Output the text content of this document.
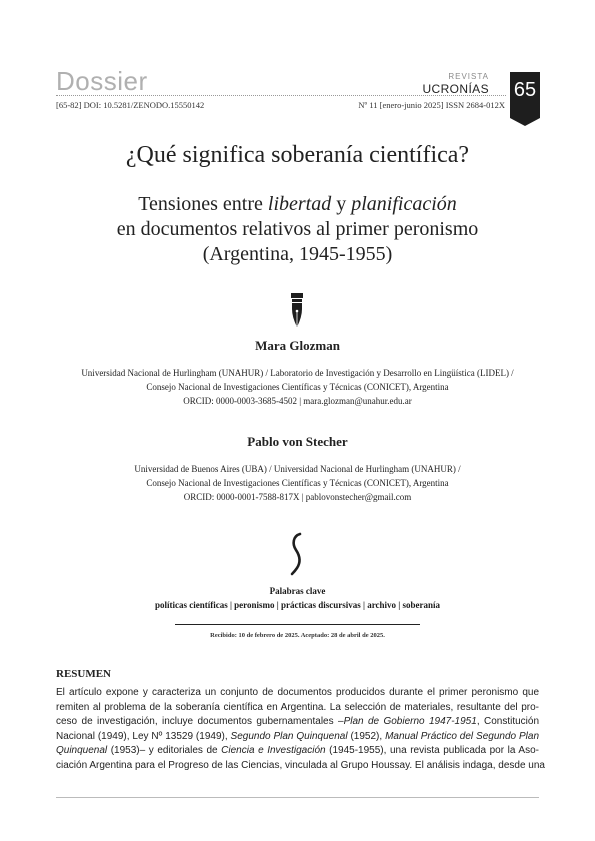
Dossier	REVISTA
UCRONÍAS 65
[65-82] DOI: 10.5281/ZENODO.15550142	Nº 11 [enero-junio 2025] ISSN 2684-012X
¿Qué significa soberanía científica?
Tensiones entre libertad y planificación
en documentos relativos al primer peronismo
(Argentina, 1945-1955)
Mara Glozman
Universidad Nacional de Hurlingham (UNAHUR) / Laboratorio de Investigación y Desarrollo en Lingüística (LIDEL) /
Consejo Nacional de Investigaciones Científicas y Técnicas (CONICET), Argentina
ORCID: 0000-0003-3685-4502 | mara.glozman@unahur.edu.ar
Pablo von Stecher
Universidad de Buenos Aires (UBA) / Universidad Nacional de Hurlingham (UNAHUR) /
Consejo Nacional de Investigaciones Científicas y Técnicas (CONICET), Argentina
ORCID: 0000-0001-7588-817X | pablovonstecher@gmail.com
Palabras clave
políticas científicas | peronismo | prácticas discursivas | archivo | soberanía
Recibido: 10 de febrero de 2025. Aceptado: 28 de abril de 2025.
RESUMEN
El artículo expone y caracteriza un conjunto de documentos producidos durante el primer peronismo que
remiten al problema de la soberanía científica en Argentina. La selección de materiales, resultante del pro-
ceso de investigación, incluye documentos gubernamentales –Plan de Gobierno 1947-1951, Constitución
Nacional (1949), Ley Nº 13529 (1949), Segundo Plan Quinquenal (1952), Manual Práctico del Segundo Plan
Quinquenal (1953)– y editoriales de Ciencia e Investigación (1945-1955), una revista publicada por la Aso-
ciación Argentina para el Progreso de las Ciencias, vinculada al Grupo Houssay. El análisis indaga, desde una
